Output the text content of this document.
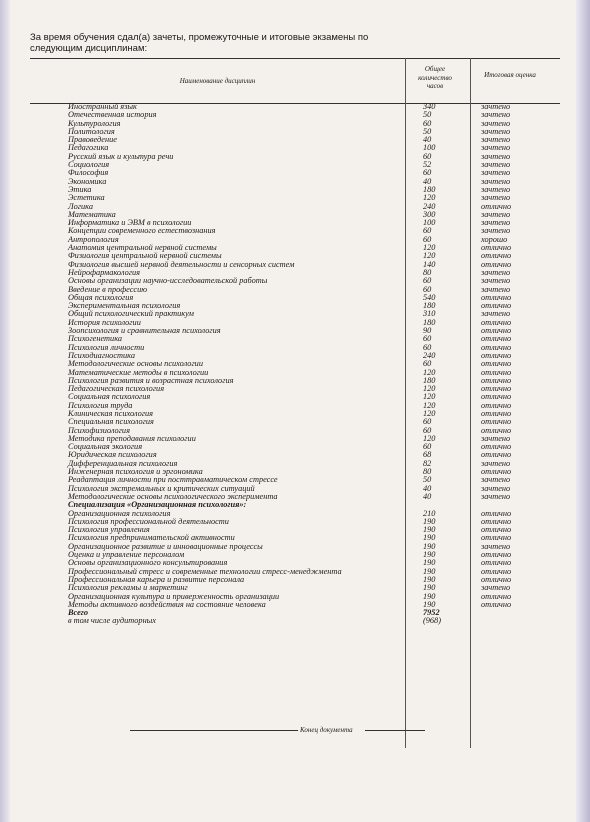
За время обучения сдал(а) зачеты, промежуточные и итоговые экзамены по следующим дисциплинам:
Наименование дисциплин
Общее количество часов
Итоговая оценка
Иностранный язык	340	зачтено
Отечественная история	50	зачтено
Культурология	60	зачтено
Политология	50	зачтено
Правоведение	40	зачтено
Педагогика	100	зачтено
Русский язык и культура речи	60	зачтено
Социология	52	зачтено
Философия	60	зачтено
Экономика	40	зачтено
Этика	180	зачтено
Эстетика	120	зачтено
Логика	240	отлично
Математика	300	зачтено
Информатика и ЭВМ в психологии	100	зачтено
Концепции современного естествознания	60	зачтено
Антропология	60	хорошо
Анатомия центральной нервной системы	120	отлично
Физиология центральной нервной системы	120	отлично
Физиология высшей нервной деятельности и сенсорных систем	140	отлично
Нейрофармакология	80	зачтено
Основы организации научно-исследовательской работы	60	зачтено
Введение в профессию	60	зачтено
Общая психология	540	отлично
Экспериментальная психология	180	отлично
Общий психологический практикум	310	зачтено
История психологии	180	отлично
Зоопсихология и сравнительная психология	90	отлично
Психогенетика	60	отлично
Психология личности	60	отлично
Психодиагностика	240	отлично
Методологические основы психологии	60	отлично
Математические методы в психологии	120	отлично
Психология развития и возрастная психология	180	отлично
Педагогическая психология	120	отлично
Социальная психология	120	отлично
Психология труда	120	отлично
Клиническая психология	120	отлично
Специальная психология	60	отлично
Психофизиология	60	отлично
Методика преподавания психологии	120	зачтено
Социальная экология	60	отлично
Юридическая психология	68	отлично
Дифференциальная психология	82	зачтено
Инженерная психология и эргономика	80	отлично
Реадаптация личности при посттравматическом стрессе	50	зачтено
Психология экстремальных и критических ситуаций	40	зачтено
Методологические основы психологического эксперимента	40	зачтено
Специализация «Организационная психология»:
Организационная психология	210	отлично
Психология профессиональной деятельности	190	отлично
Психология управления	190	отлично
Психология предпринимательской активности	190	отлично
Организационное развитие и инновационные процессы	190	зачтено
Оценка и управление персоналом	190	отлично
Основы организационного консультирования	190	отлично
Профессиональный стресс и современные технологии стресс-менеджмента	190	отлично
Профессиональная карьера и развитие персонала	190	отлично
Психология рекламы и маркетинг	190	зачтено
Организационная культура и приверженность организации	190	отлично
Методы активного воздействия на состояние человека	190	отлично
Всего	7952
в том числе аудиторных	(968)
Конец документа
